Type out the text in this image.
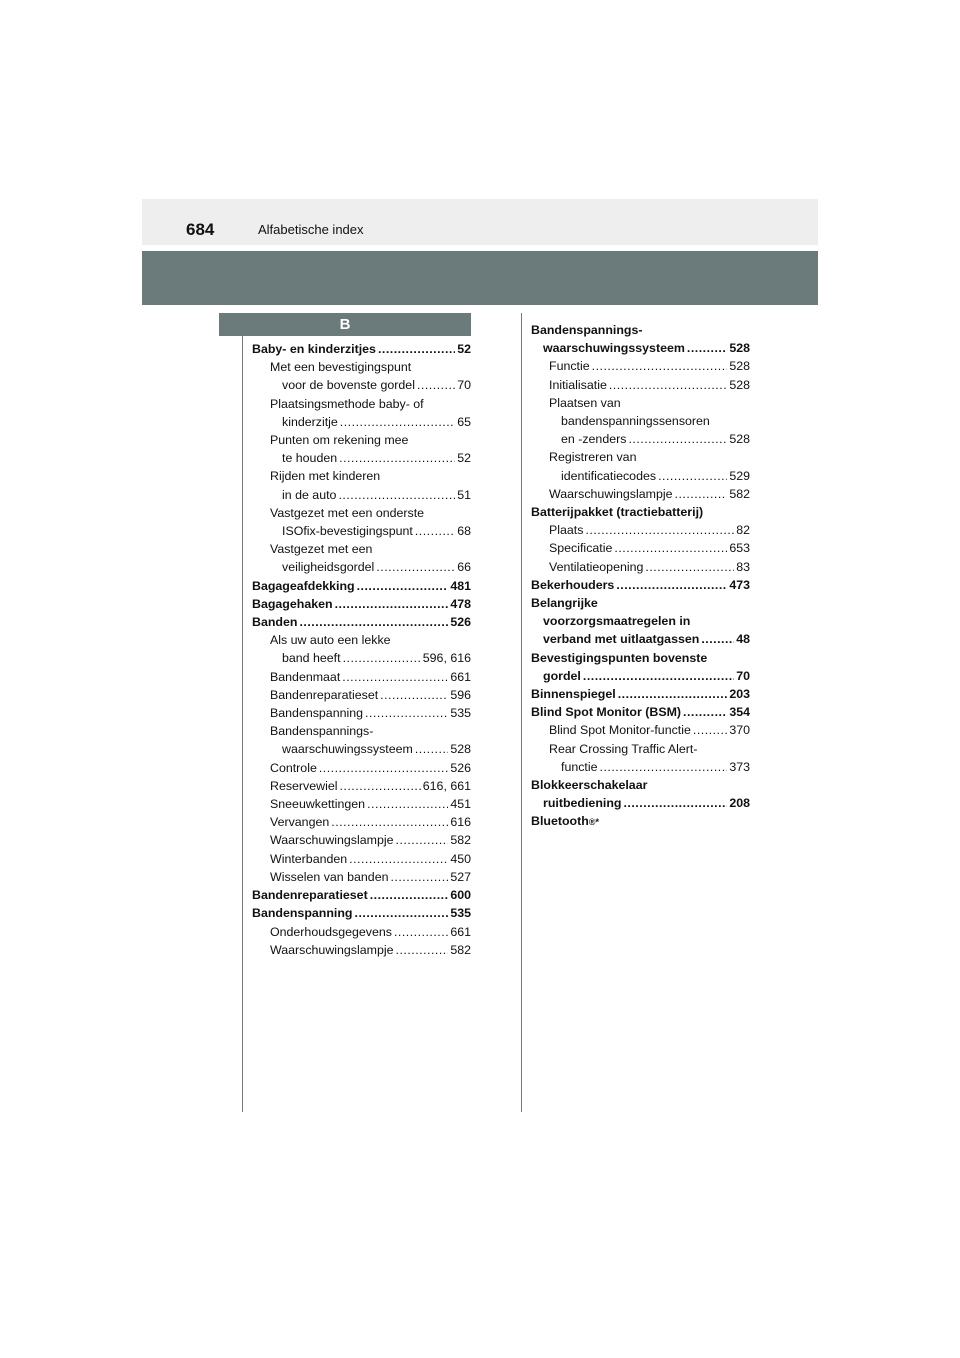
684	Alfabetische index
B
Baby- en kinderzitjes .....	52
Met een bevestigingspunt
voor de bovenste gordel .....	70
Plaatsingsmethode baby- of
kinderzitje .....	65
Punten om rekening mee
te houden .....	52
Rijden met kinderen
in de auto .....	51
Vastgezet met een onderste
ISOfix-bevestigingspunt .....	68
Vastgezet met een
veiligheidsgordel .....	66
Bagageafdekking .....	481
Bagagehaken .....	478
Banden .....	526
Als uw auto een lekke
band heeft .....	596, 616
Bandenmaat .....	661
Bandenreparatieset .....	596
Bandenspanning .....	535
Bandenspannings-
waarschuwingssysteem .....	528
Controle .....	526
Reservewiel .....	616, 661
Sneeuwkettingen .....	451
Vervangen .....	616
Waarschuwingslampje .....	582
Winterbanden .....	450
Wisselen van banden .....	527
Bandenreparatieset .....	600
Bandenspanning .....	535
Onderhoudsgegevens .....	661
Waarschuwingslampje .....	582
Bandenspannings-
waarschuwingssysteem .....	528
Functie .....	528
Initialisatie .....	528
Plaatsen van
bandenspanningssensoren
en -zenders .....	528
Registreren van
identificatiecodes .....	529
Waarschuwingslampje .....	582
Batterijpakket (tractiebatterij)
Plaats .....	82
Specificatie .....	653
Ventilatieopening .....	83
Bekerhouders .....	473
Belangrijke
voorzorgsmaatregelen in
verband met uitlaatgassen .....	48
Bevestigingspunten bovenste
gordel .....	70
Binnenspiegel .....	203
Blind Spot Monitor (BSM) .....	354
Blind Spot Monitor-functie .....	370
Rear Crossing Traffic Alert-
functie .....	373
Blokkeerschakelaar
ruitbediening .....	208
Bluetooth ®*
